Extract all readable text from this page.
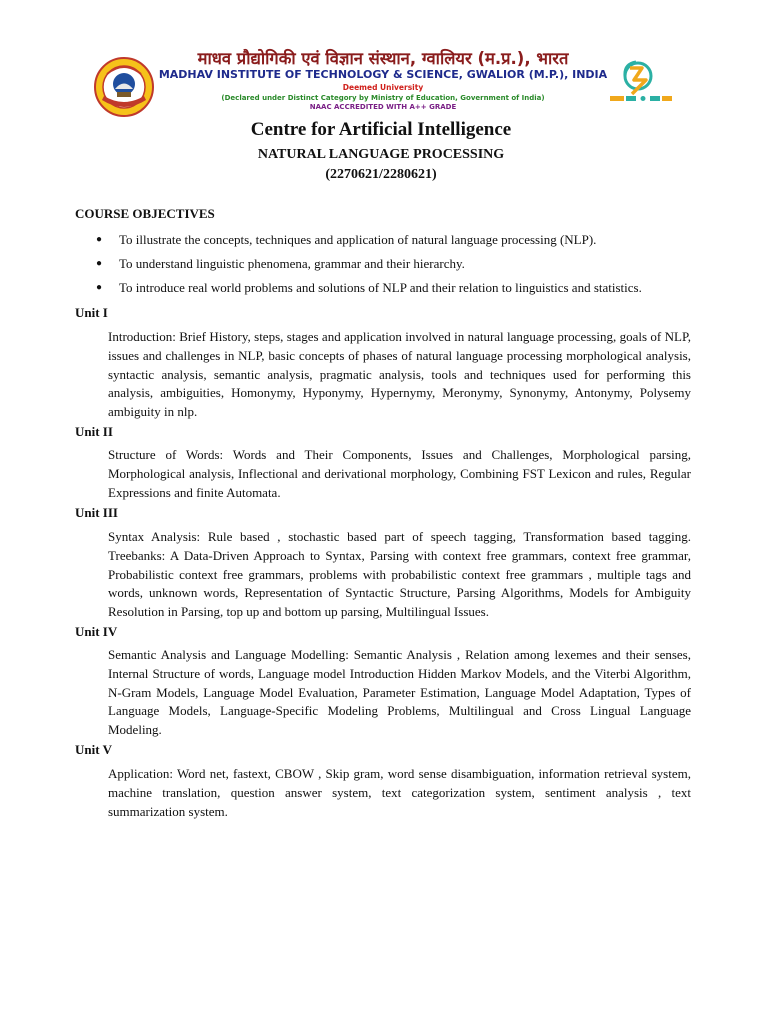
माधव प्रौद्योगिकी एवं विज्ञान संस्थान, ग्वालियर (म.प्र.), भारत
MADHAV INSTITUTE OF TECHNOLOGY & SCIENCE, GWALIOR (M.P.), INDIA
Deemed University
(Declared under Distinct Category by Ministry of Education, Government of India)
NAAC ACCREDITED WITH A++ GRADE
Centre for Artificial Intelligence
NATURAL LANGUAGE PROCESSING
(2270621/2280621)
COURSE OBJECTIVES
● To illustrate the concepts, techniques and application of natural language processing (NLP).
● To understand linguistic phenomena, grammar and their hierarchy.
● To introduce real world problems and solutions of NLP and their relation to linguistics and statistics.
Unit I

Introduction: Brief History, steps, stages and application involved in natural language processing, goals of NLP, issues and challenges in NLP, basic concepts of phases of natural language processing morphological analysis, syntactic analysis, semantic analysis, pragmatic analysis, tools and techniques used for performing this analysis, ambiguities, Homonymy, Hyponymy, Hypernymy, Meronymy, Synonymy, Antonymy, Polysemy ambiguity in nlp.

Unit II

Structure of Words: Words and Their Components, Issues and Challenges, Morphological parsing, Morphological analysis, Inflectional and derivational morphology, Combining FST Lexicon and rules, Regular Expressions and finite Automata.

Unit III

Syntax Analysis: Rule based , stochastic based part of speech tagging, Transformation based tagging. Treebanks: A Data-Driven Approach to Syntax, Parsing with context free grammars, context free grammar, Probabilistic context free grammars, problems with probabilistic context free grammars , multiple tags and words, unknown words, Representation of Syntactic Structure, Parsing Algorithms, Models for Ambiguity Resolution in Parsing, top up and bottom up parsing, Multilingual Issues.

Unit IV

Semantic Analysis and Language Modelling: Semantic Analysis , Relation among lexemes and their senses, Internal Structure of words, Language model Introduction Hidden Markov Models, and the Viterbi Algorithm, N-Gram Models, Language Model Evaluation, Parameter Estimation, Language Model Adaptation, Types of Language Models, Language-Specific Modeling Problems, Multilingual and Cross Lingual Language Modeling.

Unit V

Application: Word net, fastext, CBOW , Skip gram, word sense disambiguation, information retrieval system, machine translation, question answer system, text categorization system, sentiment analysis , text summarization system.
